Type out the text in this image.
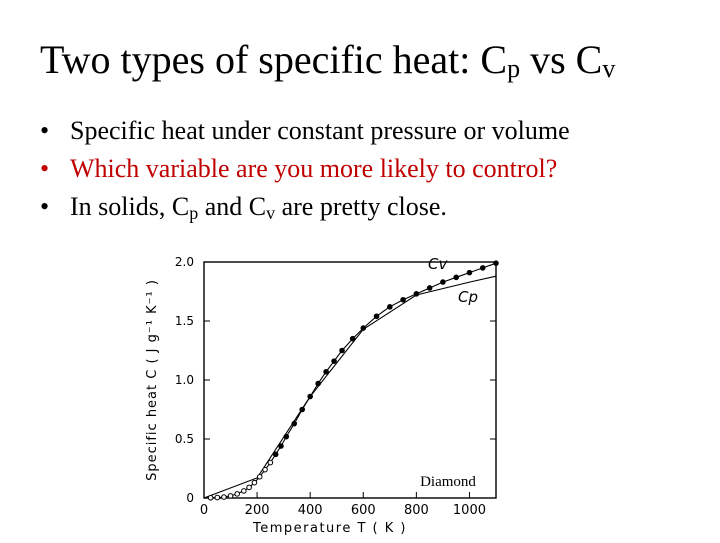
Two types of specific heat: $C_p$ vs $C_v$
• Specific heat under constant pressure or volume
• Which variable are you more likely to control?
• In solids, $C_p$ and $C_v$ are pretty close.
0
0.5
1.0
1.5
2.0
0	200 400 600 800 1000
Specific heat C ( J g⁻¹ K⁻¹ )
Temperature T ( K )
Diamond
Cv
Cp
